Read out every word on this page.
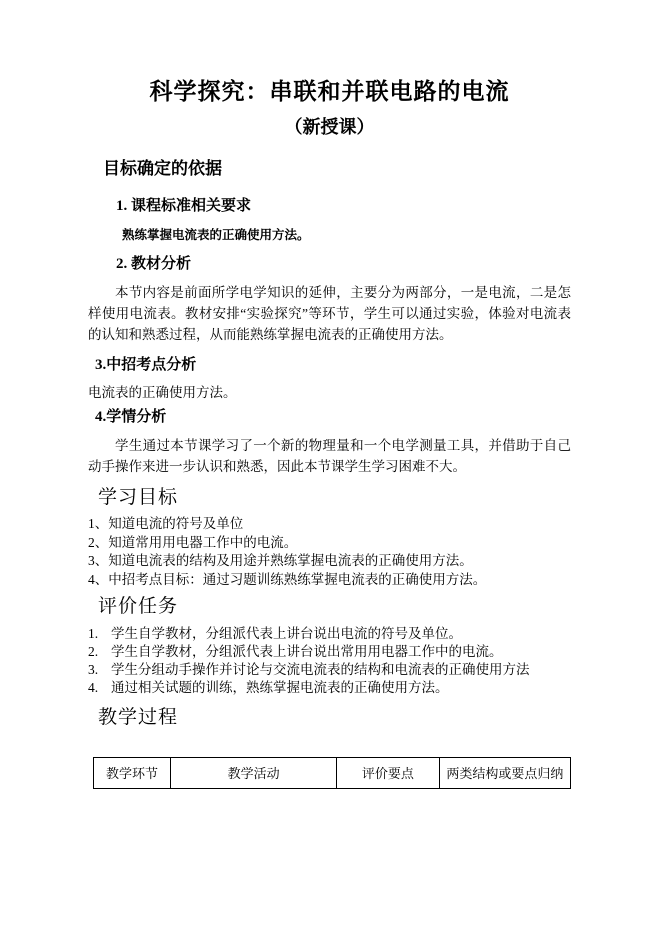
科学探究：串联和并联电路的电流
（新授课）
目标确定的依据
1. 课程标准相关要求
熟练掌握电流表的正确使用方法。
2. 教材分析
本节内容是前面所学电学知识的延伸，主要分为两部分，一是电流，二是怎样使用电流表。教材安排“实验探究”等环节，学生可以通过实验，体验对电流表的认知和熟悉过程，从而能熟练掌握电流表的正确使用方法。
3.中招考点分析
电流表的正确使用方法。
4.学情分析
学生通过本节课学习了一个新的物理量和一个电学测量工具，并借助于自己动手操作来进一步认识和熟悉，因此本节课学生学习困难不大。
学习目标
1、知道电流的符号及单位
2、知道常用用电器工作中的电流。
3、知道电流表的结构及用途并熟练掌握电流表的正确使用方法。
4、中招考点目标：通过习题训练熟练掌握电流表的正确使用方法。
评价任务
1. 学生自学教材，分组派代表上讲台说出电流的符号及单位。
2. 学生自学教材，分组派代表上讲台说出常用用电器工作中的电流。
3. 学生分组动手操作并讨论与交流电流表的结构和电流表的正确使用方法
4. 通过相关试题的训练，熟练掌握电流表的正确使用方法。
教学过程
教学环节	教学活动	评价要点	两类结构或要点归纳
